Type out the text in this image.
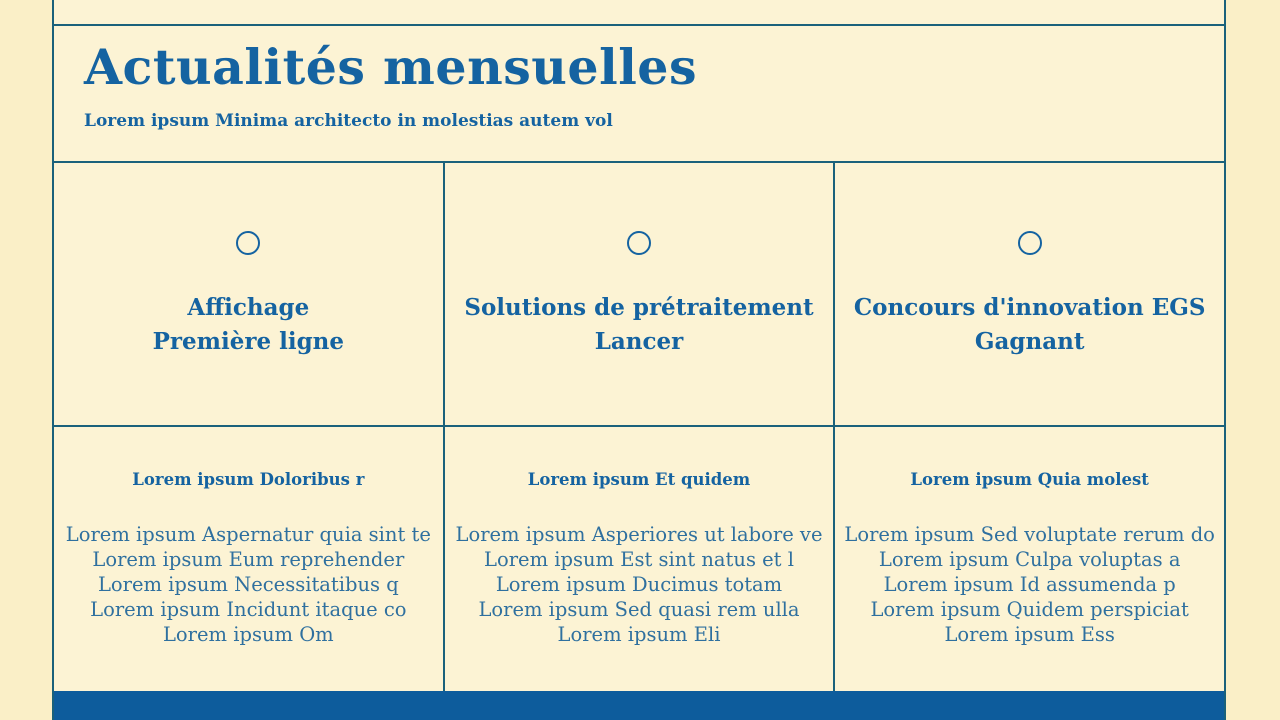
Actualités mensuelles

Lorem ipsum Minima architecto in molestias autem vol

Affichage
Première ligne
Solutions de prétraitement
Lancer
Concours d'innovation EGS
Gagnant
Lorem ipsum Doloribus r

Lorem ipsum Aspernatur quia sint te
Lorem ipsum Eum reprehender
Lorem ipsum Necessitatibus q
Lorem ipsum Incidunt itaque co
Lorem ipsum Om

Lorem ipsum Et quidem

Lorem ipsum Asperiores ut labore ve
Lorem ipsum Est sint natus et l
Lorem ipsum Ducimus totam
Lorem ipsum Sed quasi rem ulla
Lorem ipsum Eli

Lorem ipsum Quia molest

Lorem ipsum Sed voluptate rerum do
Lorem ipsum Culpa voluptas a
Lorem ipsum Id assumenda p
Lorem ipsum Quidem perspiciat
Lorem ipsum Ess
